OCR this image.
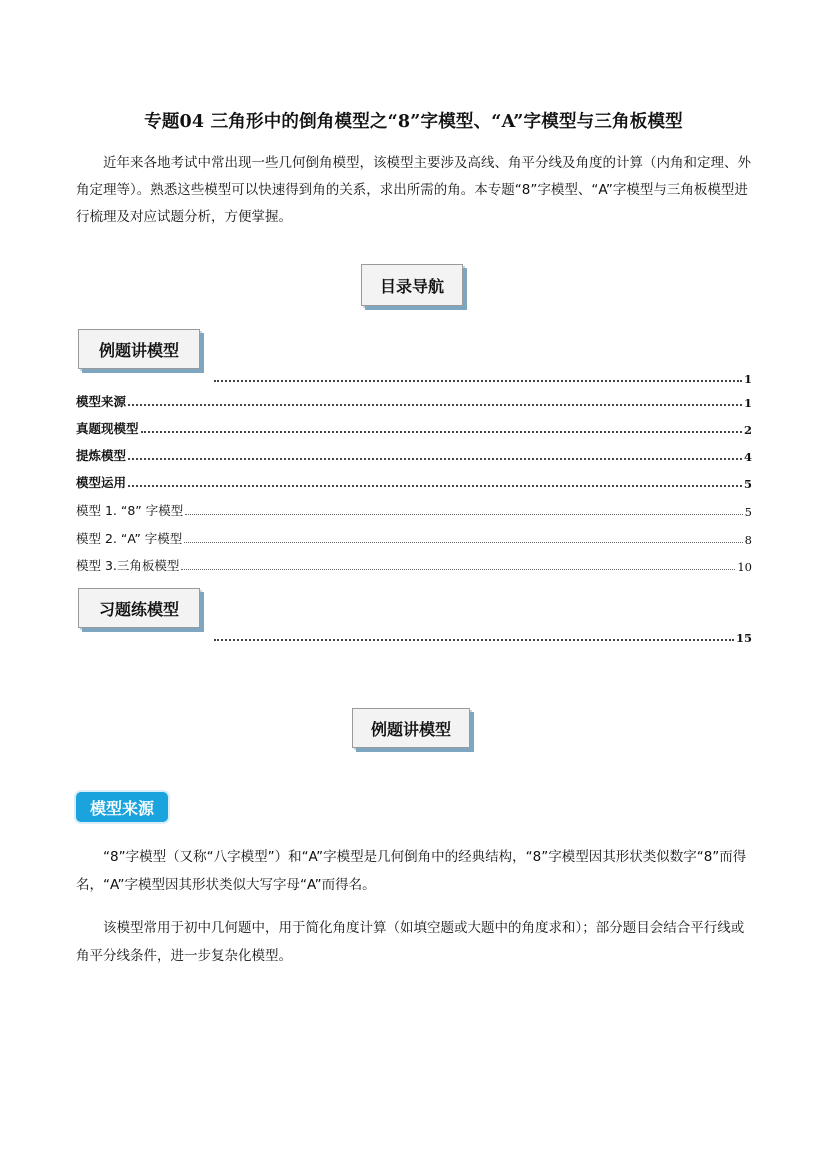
专题04 三角形中的倒角模型之“8”字模型、“A”字模型与三角板模型
近年来各地考试中常出现一些几何倒角模型，该模型主要涉及高线、角平分线及角度的计算（内角和定理、外角定理等）。熟悉这些模型可以快速得到角的关系，求出所需的角。本专题“8”字模型、“A”字模型与三角板模型进行梳理及对应试题分析，方便掌握。
目录导航
例题讲模型
1
模型来源	1
真题现模型	2
提炼模型	4
模型运用	5
模型 1. “8” 字模型	5
模型 2. “A” 字模型	8
模型 3.三角板模型	10
习题练模型
15
例题讲模型
模型来源
“8”字模型（又称“八字模型”）和“A”字模型是几何倒角中的经典结构，“8”字模型因其形状类似数字“8”而得名，“A”字模型因其形状类似大写字母“A”而得名。
该模型常用于初中几何题中，用于简化角度计算（如填空题或大题中的角度求和）；部分题目会结合平行线或角平分线条件，进一步复杂化模型。
